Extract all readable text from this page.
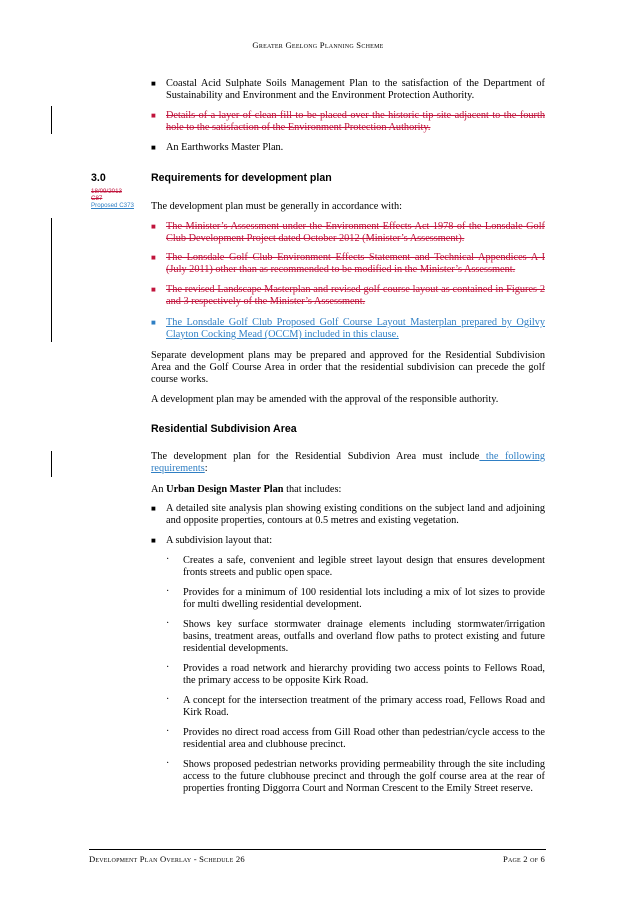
Greater Geelong Planning Scheme
■ Coastal Acid Sulphate Soils Management Plan to the satisfaction of the Department of Sustainability and Environment and the Environment Protection Authority.
■ Details of a layer of clean fill to be placed over the historic tip site adjacent to the fourth hole to the satisfaction of the Environment Protection Authority.
■ An Earthworks Master Plan.
3.0	Requirements for development plan
18/09/2013
C87
Proposed C373 The development plan must be generally in accordance with:
■ The Minister’s Assessment under the Environment Effects Act 1978 of the Lonsdale Golf Club Development Project dated October 2012 (Minister’s Assessment).
■ The Lonsdale Golf Club Environment Effects Statement and Technical Appendices A-I (July 2011) other than as recommended to be modified in the Minister’s Assessment.
■ The revised Landscape Masterplan and revised golf course layout as contained in Figures 2 and 3 respectively of the Minister’s Assessment.
■ The Lonsdale Golf Club Proposed Golf Course Layout Masterplan prepared by Ogilvy Clayton Cocking Mead (OCCM) included in this clause.
Separate development plans may be prepared and approved for the Residential Subdivision Area and the Golf Course Area in order that the residential subdivision can precede the golf course works.
A development plan may be amended with the approval of the responsible authority.
Residential Subdivision Area
The development plan for the Residential Subdivion Area must include the following requirements:
An Urban Design Master Plan that includes:
■ A detailed site analysis plan showing existing conditions on the subject land and adjoining and opposite properties, contours at 0.5 metres and existing vegetation.
■ A subdivision layout that:
· Creates a safe, convenient and legible street layout design that ensures development fronts streets and public open space.
· Provides for a minimum of 100 residential lots including a mix of lot sizes to provide for multi dwelling residential development.
· Shows key surface stormwater drainage elements including stormwater/irrigation basins, treatment areas, outfalls and overland flow paths to protect existing and future residential developments.
· Provides a road network and hierarchy providing two access points to Fellows Road, the primary access to be opposite Kirk Road.
· A concept for the intersection treatment of the primary access road, Fellows Road and Kirk Road.
· Provides no direct road access from Gill Road other than pedestrian/cycle access to the residential area and clubhouse precinct.
· Shows proposed pedestrian networks providing permeability through the site including access to the future clubhouse precinct and through the golf course area at the rear of properties fronting Diggorra Court and Norman Crescent to the Emily Street reserve.
Development Plan Overlay - Schedule 26	Page 2 of 6
